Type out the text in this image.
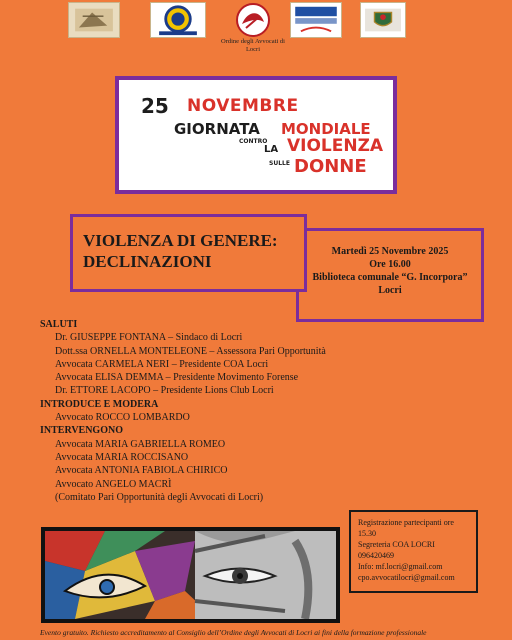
Ordine degli Avvocati di Locri
25 NOVEMBRE
GIORNATA MONDIALE
CONTRO
LA VIOLENZA
SULLE DONNE
Martedì 25 Novembre 2025
Ore 16.00
Biblioteca comunale “G. Incorpora”
Locri
VIOLENZA DI GENERE:
DECLINAZIONI
SALUTI
Dr. GIUSEPPE FONTANA – Sindaco di Locri
Dott.ssa ORNELLA MONTELEONE – Assessora Pari Opportunità
Avvocata CARMELA NERI – Presidente COA Locri
Avvocata ELISA DEMMA – Presidente Movimento Forense
Dr. ETTORE LACOPO – Presidente Lions Club Locri
INTRODUCE E MODERA
Avvocato ROCCO LOMBARDO
INTERVENGONO
Avvocata MARIA GABRIELLA ROMEO
Avvocata MARIA ROCCISANO
Avvocata ANTONIA FABIOLA CHIRICO
Avvocato ANGELO MACRÌ
(Comitato Pari Opportunità degli Avvocati di Locri)
Registrazione partecipanti ore
15.30
Segreteria COA LOCRI
096420469
Info: mf.locri@gmail.com
cpo.avvocatilocri@gmail.com
Evento gratuito. Richiesto accreditamento al Consiglio dell’Ordine degli Avvocati di Locri ai fini della formazione professionale
